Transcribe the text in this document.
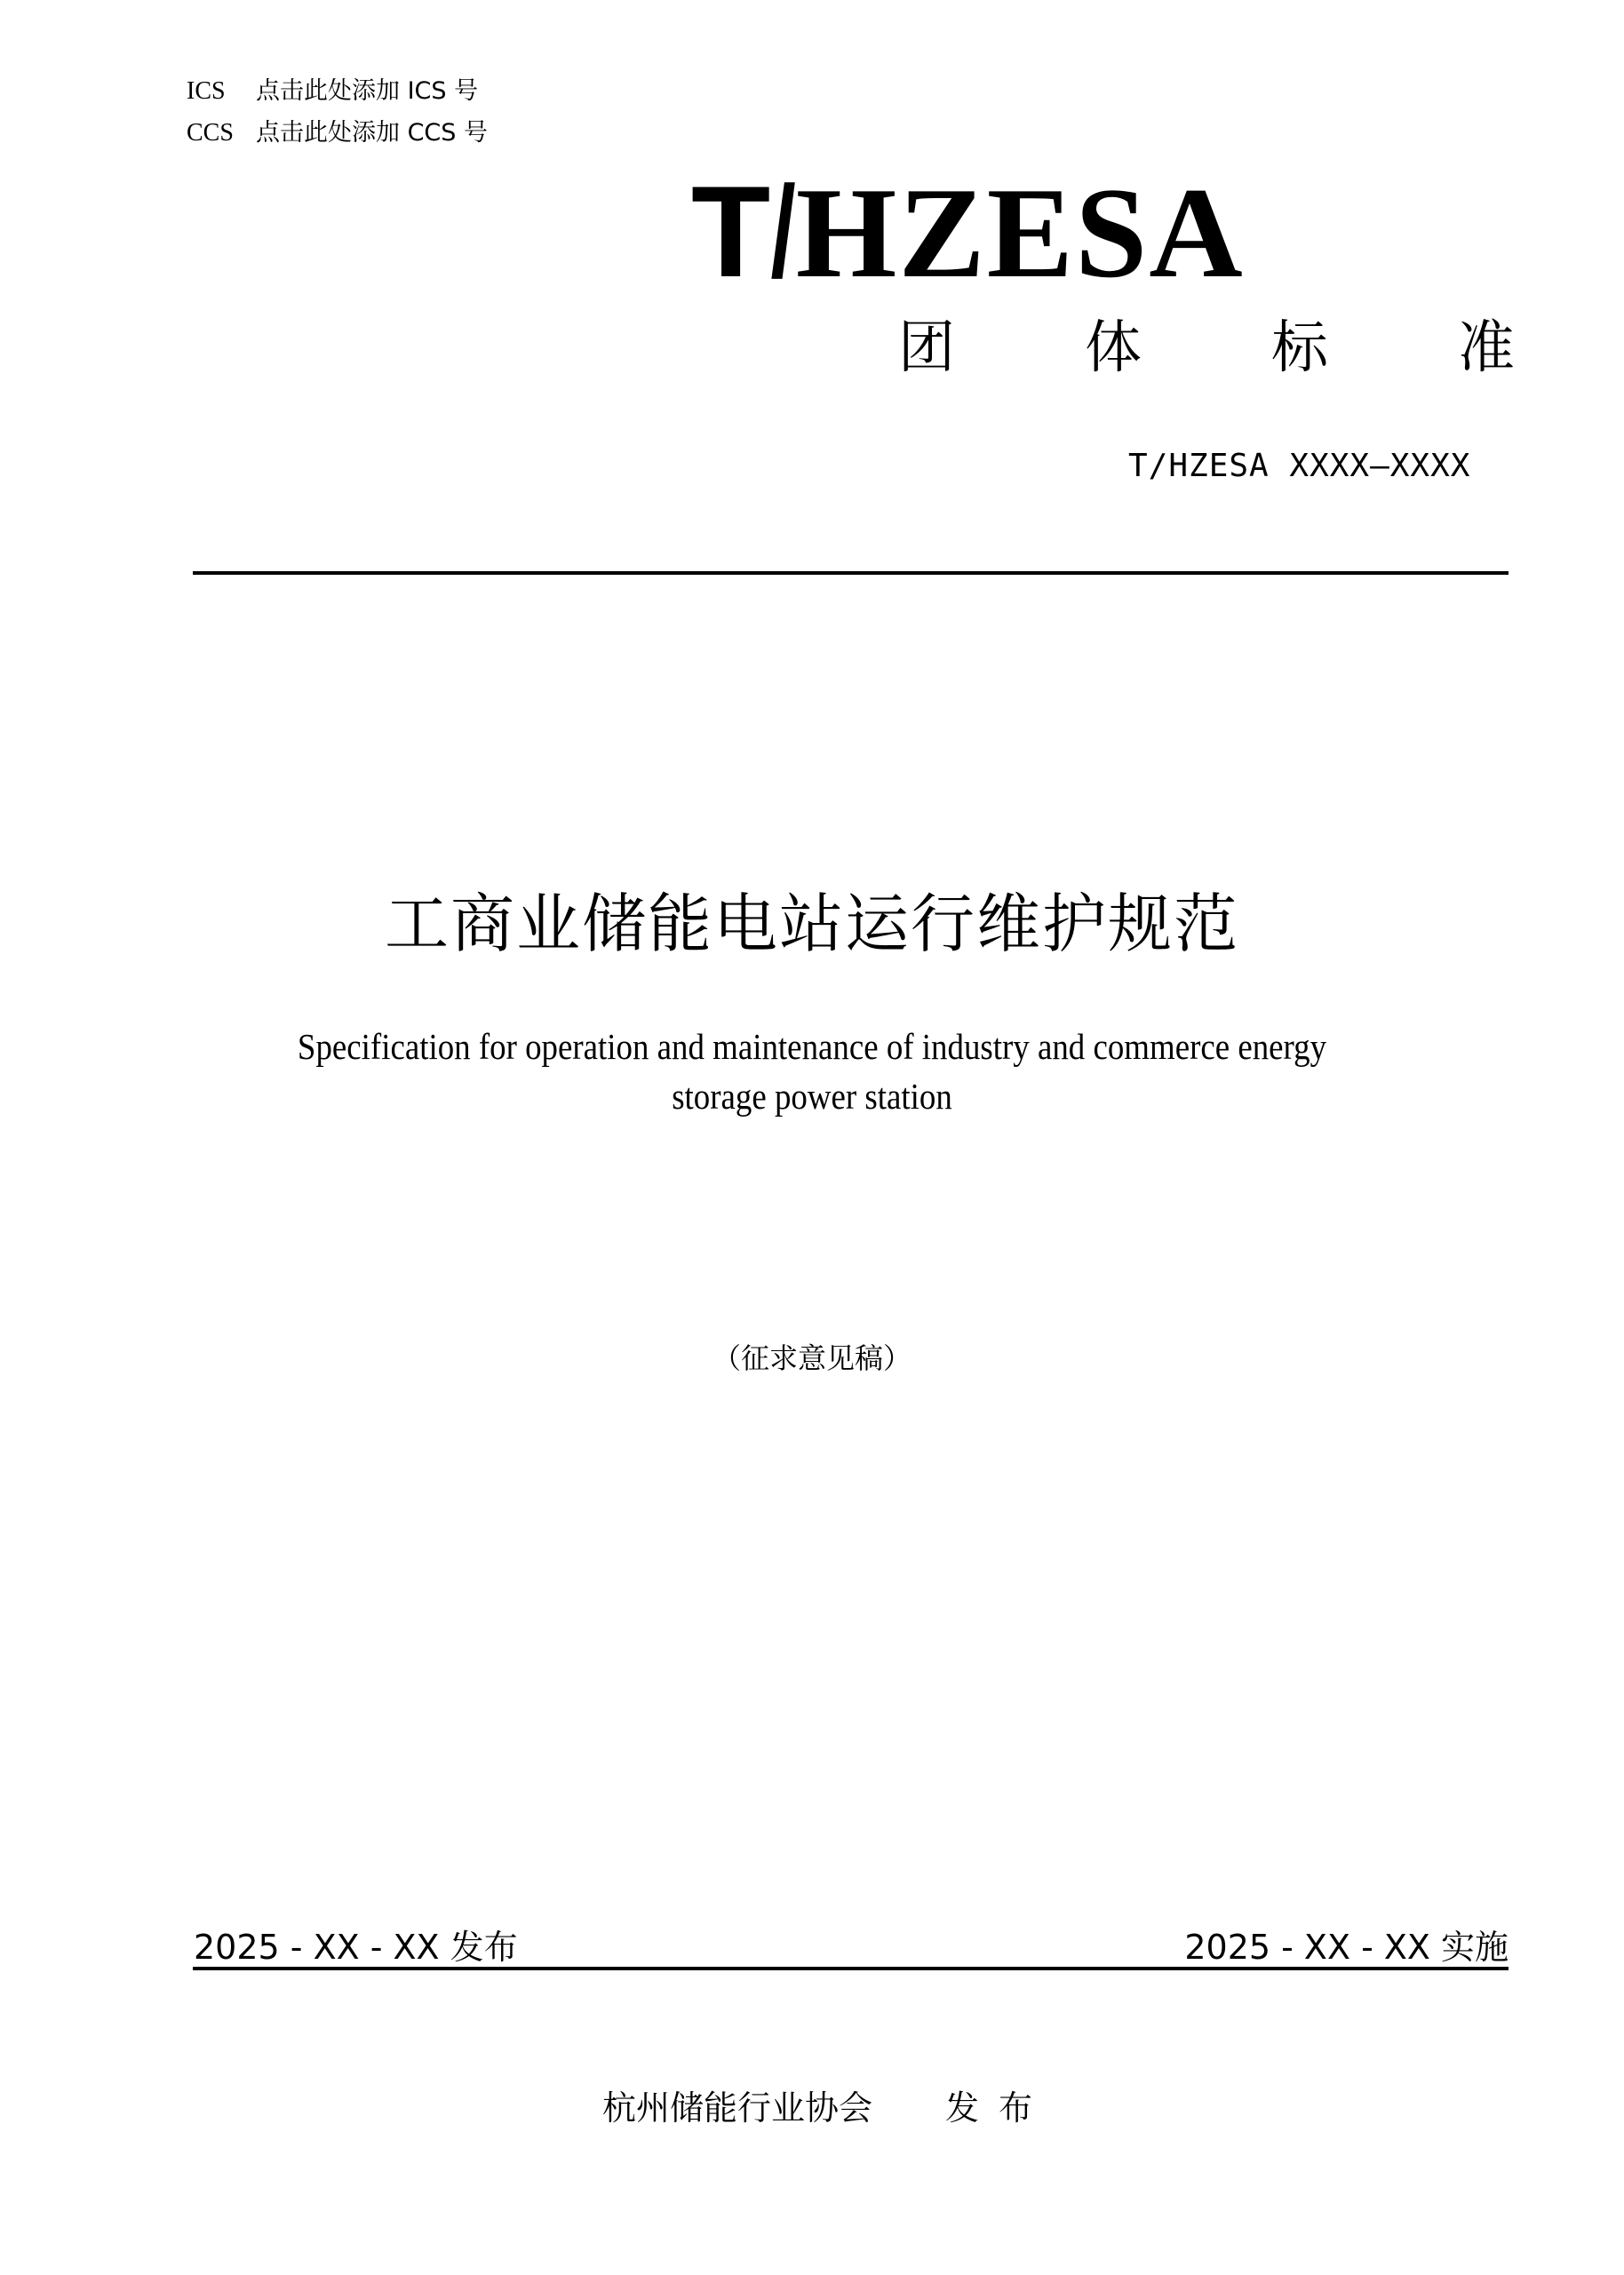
ICS 点击此处添加 ICS 号
CCS 点击此处添加 CCS 号
T/HZESA
团 体 标 准
T/HZESA XXXX—XXXX
工商业储能电站运行维护规范
Specification for operation and maintenance of industry and commerce energy
storage power station
（征求意见稿）
2025 - XX - XX 发布	2025 - XX - XX 实施
杭州储能行业协会 发布
